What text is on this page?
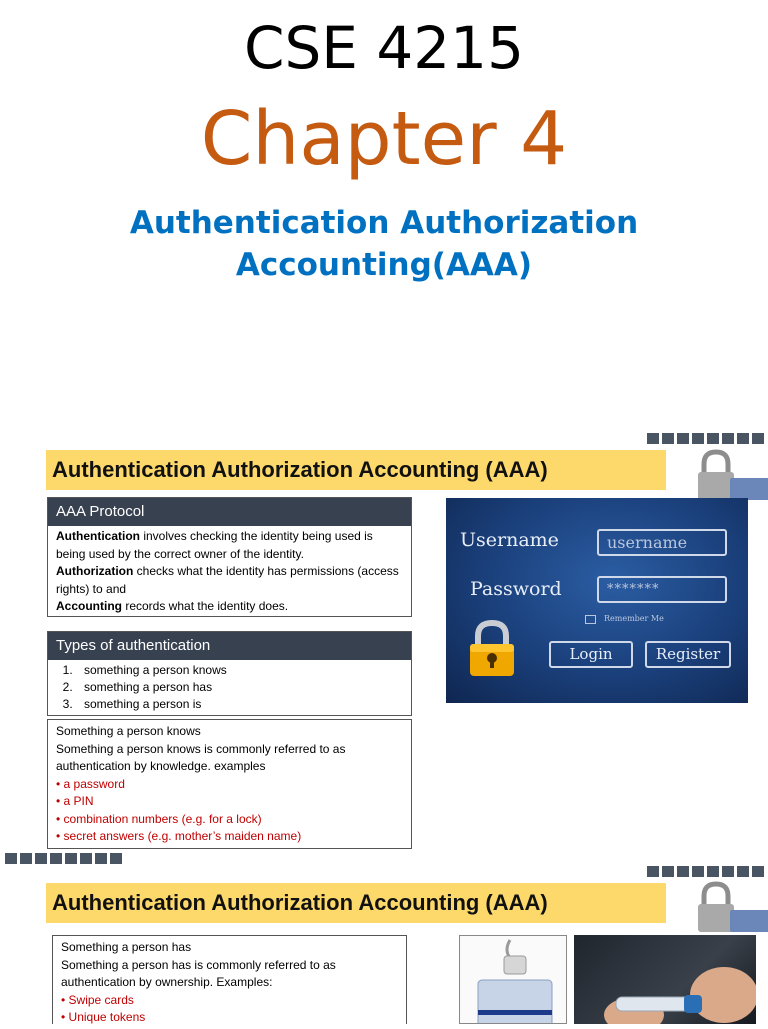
CSE 4215
Chapter 4
Authentication Authorization
Accounting(AAA)
Authentication Authorization Accounting (AAA)
AAA Protocol
Authentication involves checking the identity being used is being used by the correct owner of the identity.
Authorization checks what the identity has permissions (access rights) to and
Accounting records what the identity does.
Types of authentication
1. something a person knows
2. something a person has
3. something a person is
Something a person knows
Something a person knows is commonly referred to as authentication by knowledge. examples
• a password
• a PIN
• combination numbers (e.g. for a lock)
• secret answers (e.g. mother’s maiden name)
Username	username
Password	*******
Remember Me
Login	Register
Authentication Authorization Accounting (AAA)
Something a person has
Something a person has is commonly referred to as authentication by ownership. Examples:
• Swipe cards
• Unique tokens
